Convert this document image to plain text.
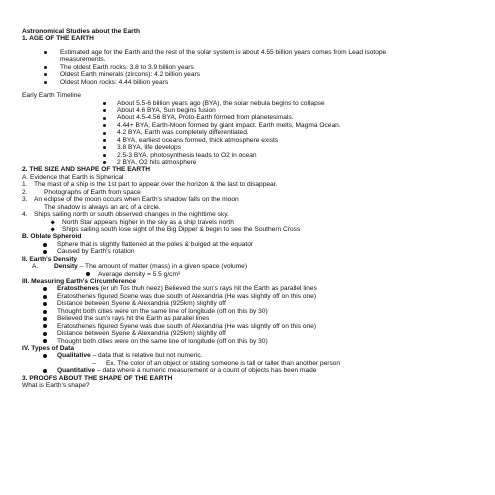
Astronomical Studies about the Earth
1. AGE OF THE EARTH
Estimated age for the Earth and the rest of the solar system is about 4.55 billion years comes from Lead isotope
measurements.
The oldest Earth rocks: 3.8 to 3.9 billion years
Oldest Earth minerals (zircons): 4.2 billion years
Oldest Moon rocks: 4.44 billion years
Early Earth Timeline
About 5.5-6 billion years ago (BYA), the solar nebula begins to collapse
About 4.6 BYA, Sun begins fusion
About 4.5-4.56 BYA, Proto-Earth formed from planetesimals.
4.44+ BYA, Earth-Moon formed by giant impact. Earth melts, Magma Ocean.
4.2 BYA, Earth was completely differentiated.
4 BYA, earliest oceans formed, thick atmosphere exists
3.8 BYA, life develops
2.5-3 BYA, photosynthesis leads to O2 in ocean
2 BYA, O2 hits atmosphere
2. THE SIZE AND SHAPE OF THE EARTH
A. Evidence that Earth is Spherical
1. The mast of a ship is the 1st part to appear over the horizon & the last to disappear.
2.	Photographs of Earth from space
3. An eclipse of the moon occurs when Earth's shadow falls on the moon
The shadow is always an arc of a circle.
4. Ships sailing north or south observed changes in the nighttime sky.
North Star appears higher in the sky as a ship travels north
Ships sailing south lose sight of the Big Dipper & begin to see the Southern Cross
B. Oblate Spheroid
Sphere that is slightly flattened at the poles & bulged at the equator
Caused by Earth's rotation
II. Earth's Density
A. Density – The amount of matter (mass) in a given space (volume)
Average density = 5.5 g/cm³
III. Measuring Earth's Circumference
Eratosthenes (er uh Tos thuh neez) Believed the sun's rays hit the Earth as parallel lines
Eratosthenes figured Scene was due south of Alexandria (He was slightly off on this one)
Distance between Syene & Alexandria (925km) slightly off
Thought both cities were on the same line of longitude (off on this by 30)
Believed the sun's rays hit the Earth as parallel lines
Eratosthenes figured Syene was due south of Alexandria (He was slightly off on this one)
Distance between Syene & Alexandria (925km) slightly off
Thought both cities were on the same line of longitude (off on this by 30)
IV. Types of Data
Qualitative – data that is relative but not numeric.
– Ex. The color of an object or stating someone is tall or taller than another person
Quantitative – data where a numeric measurement or a count of objects has been made
3. PROOFS ABOUT THE SHAPE OF THE EARTH
What is Earth's shape?
